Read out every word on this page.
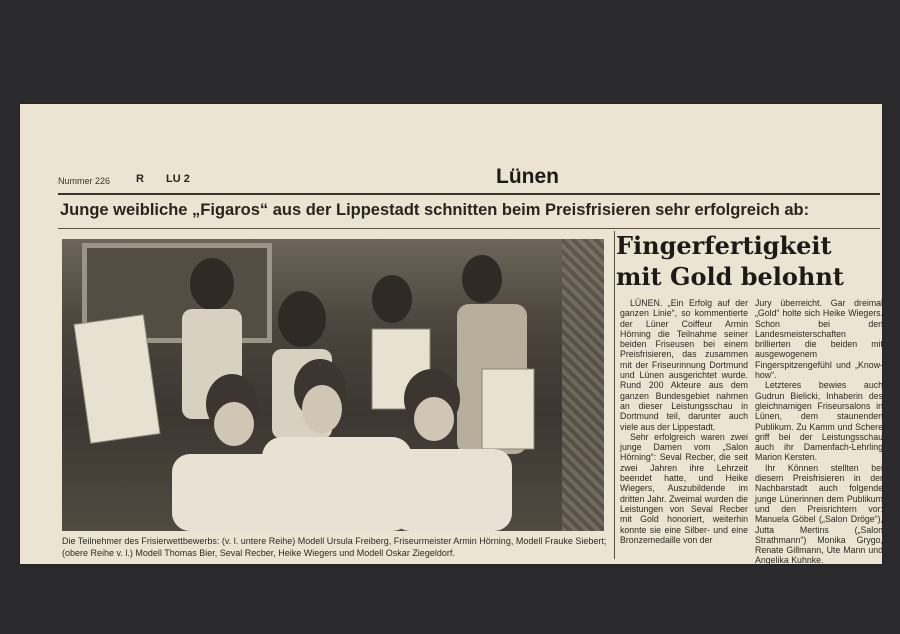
Nummer 226 R LU 2	Lünen
Junge weibliche „Figaros“ aus der Lippestadt schnitten beim Preisfrisieren sehr erfolgreich ab:
Die Teilnehmer des Frisierwettbewerbs: (v. l. untere Reihe) Modell Ursula Freiberg, Friseurmeister Armin Hörning, Modell Frauke Siebert; (obere Reihe v. l.) Modell Thomas Bier, Seval Recber, Heike Wiegers und Modell Oskar Ziegeldorf.
Fingerfertigkeit
mit Gold belohnt

LÜNEN. „Ein Erfolg auf der ganzen Linie“, so kommentierte der Lüner Coiffeur Armin Hörning die Teilnahme seiner beiden Friseusen bei einem Preisfrisieren, das zusammen mit der Friseurinnung Dortmund und Lünen ausgerichtet wurde. Rund 200 Akteure aus dem ganzen Bundesgebiet nahmen an dieser Leistungsschau in Dortmund teil, darunter auch viele aus der Lippestadt.

Sehr erfolgreich waren zwei junge Damen vom „Salon Hörning“: Seval Recber, die seit zwei Jahren ihre Lehrzeit beendet hatte, und Heike Wiegers, Auszubildende im dritten Jahr. Zweimal wurden die Leistungen von Seval Recber mit Gold honoriert, weiterhin konnte sie eine Silber- und eine Bronzemedaille von der

Jury überreicht. Gar dreimal „Gold“ holte sich Heike Wiegers. Schon bei den Landesmeisterschaften brillierten die beiden mit ausgewogenem Fingerspitzengefühl und „Know-how“.

Letzteres bewies auch Gudrun Bielicki, Inhaberin des gleichnamigen Friseursalons in Lünen, dem staunenden Publikum. Zu Kamm und Schere griff bei der Leistungsschau auch ihr Damenfach-Lehrling Marion Kersten.

Ihr Können stellten bei diesem Preisfrisieren in der Nachbarstadt auch folgende junge Lünerinnen dem Publikum und den Preisrichtern vor: Manuela Göbel („Salon Dröge“), Jutta Mertins („Salon Strathmann“) Monika Grygo, Renate Gillmann, Ute Mann und Angelika Kuhnke.
